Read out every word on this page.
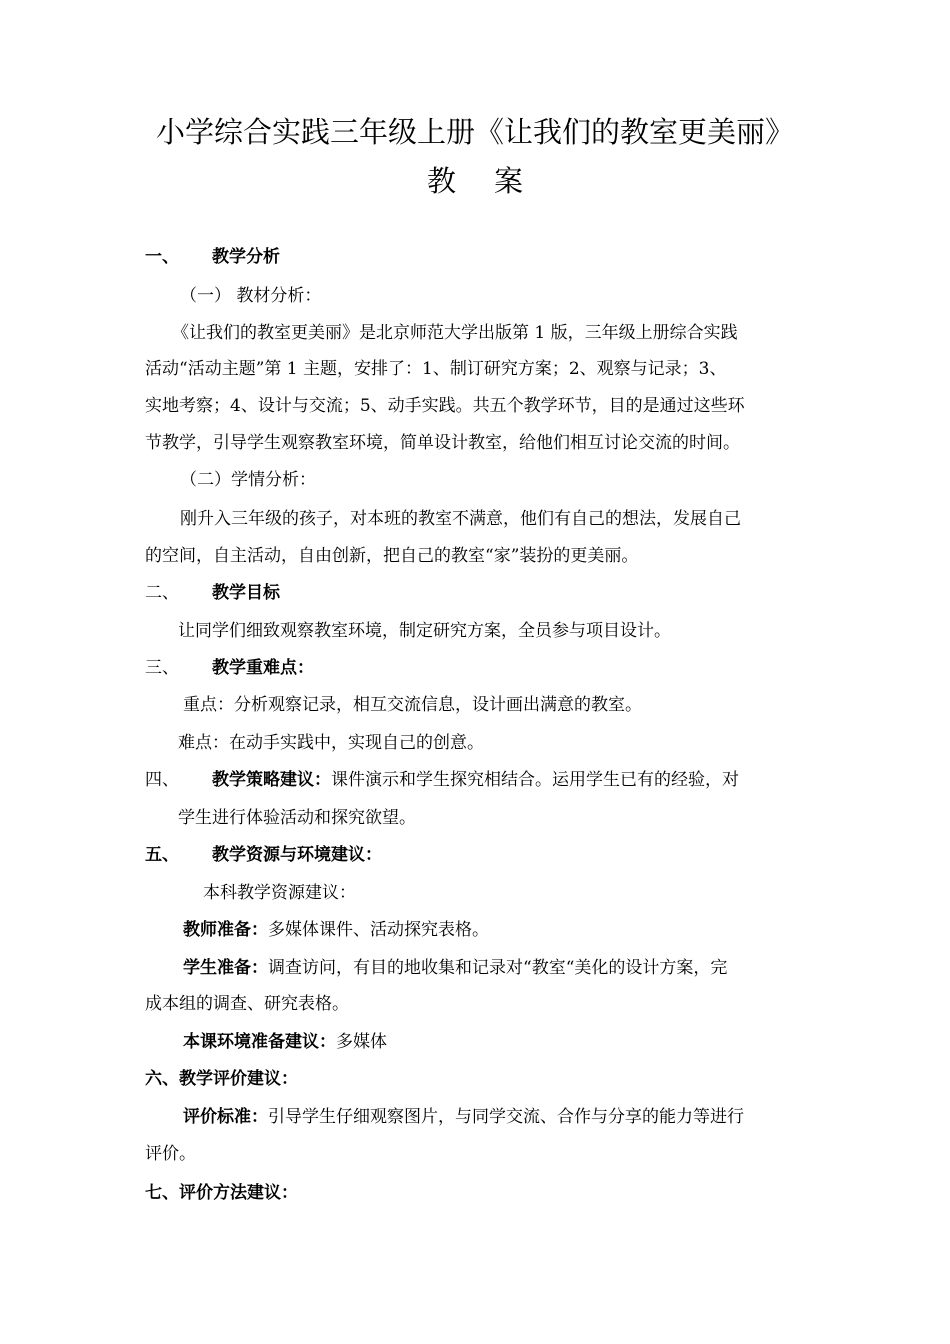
小学综合实践三年级上册《让我们的教室更美丽》
教案
一、 教学分析
（一） 教材分析：
《让我们的教室更美丽》是北京师范大学出版第 1 版，三年级上册综合实践
活动“活动主题”第 1 主题，安排了：1、制订研究方案；2、观察与记录；3、
实地考察；4、设计与交流；5、动手实践。共五个教学环节，目的是通过这些环
节教学，引导学生观察教室环境，简单设计教室，给他们相互讨论交流的时间。
（二）学情分析：
刚升入三年级的孩子，对本班的教室不满意，他们有自己的想法，发展自己
的空间，自主活动，自由创新，把自己的教室“家”装扮的更美丽。
二、 教学目标
让同学们细致观察教室环境，制定研究方案，全员参与项目设计。
三、 教学重难点：
重点：分析观察记录，相互交流信息，设计画出满意的教室。
难点：在动手实践中，实现自己的创意。
四、 教学策略建议：课件演示和学生探究相结合。运用学生已有的经验，对
学生进行体验活动和探究欲望。
五、 教学资源与环境建议：
本科教学资源建议：
教师准备：多媒体课件、活动探究表格。
学生准备：调查访问，有目的地收集和记录对“教室“美化的设计方案，完
成本组的调查、研究表格。
本课环境准备建议：多媒体
六、教学评价建议：
评价标准：引导学生仔细观察图片，与同学交流、合作与分享的能力等进行
评价。
七、评价方法建议：
